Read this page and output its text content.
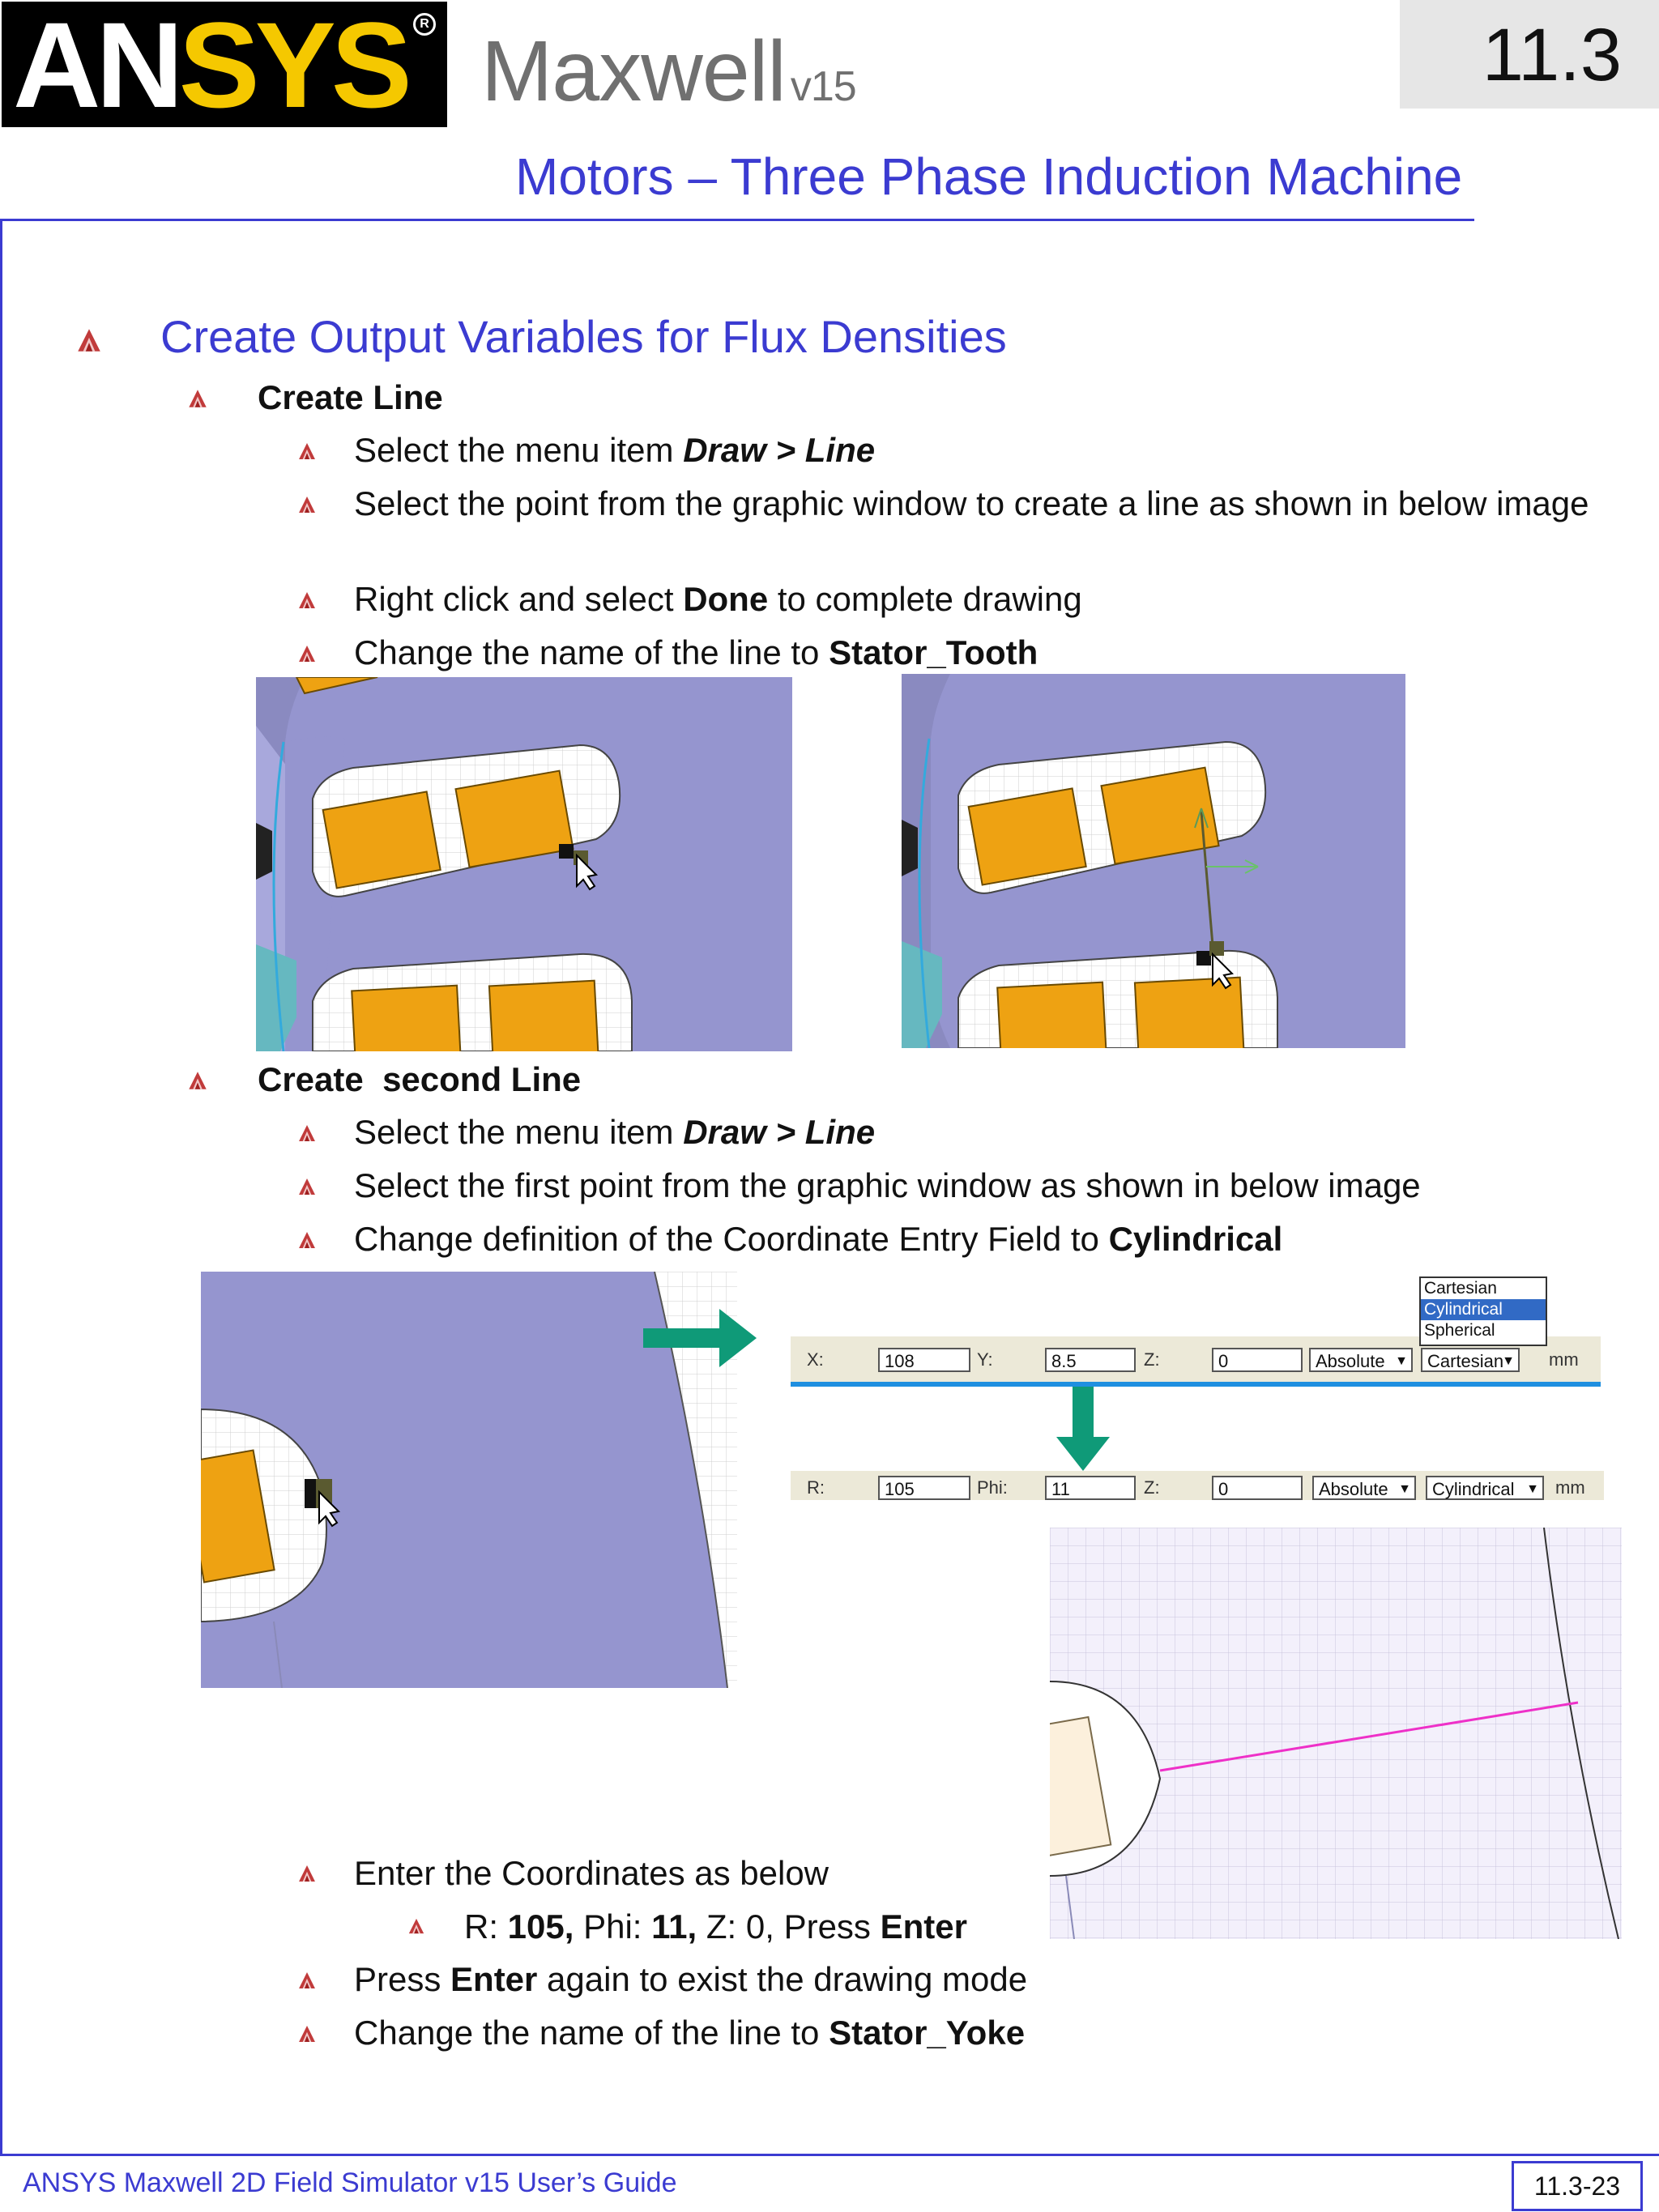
ANSYS R Maxwell v15	11.3
Motors – Three Phase Induction Machine
Create Output Variables for Flux Densities
Create Line
Select the menu item Draw > Line
Select the point from the graphic window to create a line as shown in below image
Right click and select Done to complete drawing
Change the name of the line to Stator_Tooth
Create  second Line
Select the menu item Draw > Line
Select the first point from the graphic window as shown in below image
Change definition of the Coordinate Entry Field to Cylindrical
X:	108	Y:	8.5	Z:	0	Absolute ▼	Cartesian
▼ mm
Cartesian
Cylindrical
Spherical
R:	105	Phi:	11	Z:	0	Absolute ▼	Cylindrical ▼ mm
Enter the Coordinates as below
R: 105, Phi: 11, Z: 0, Press Enter
Press Enter again to exist the drawing mode
Change the name of the line to Stator_Yoke
ANSYS Maxwell 2D Field Simulator v15 User’s Guide	11.3-23
